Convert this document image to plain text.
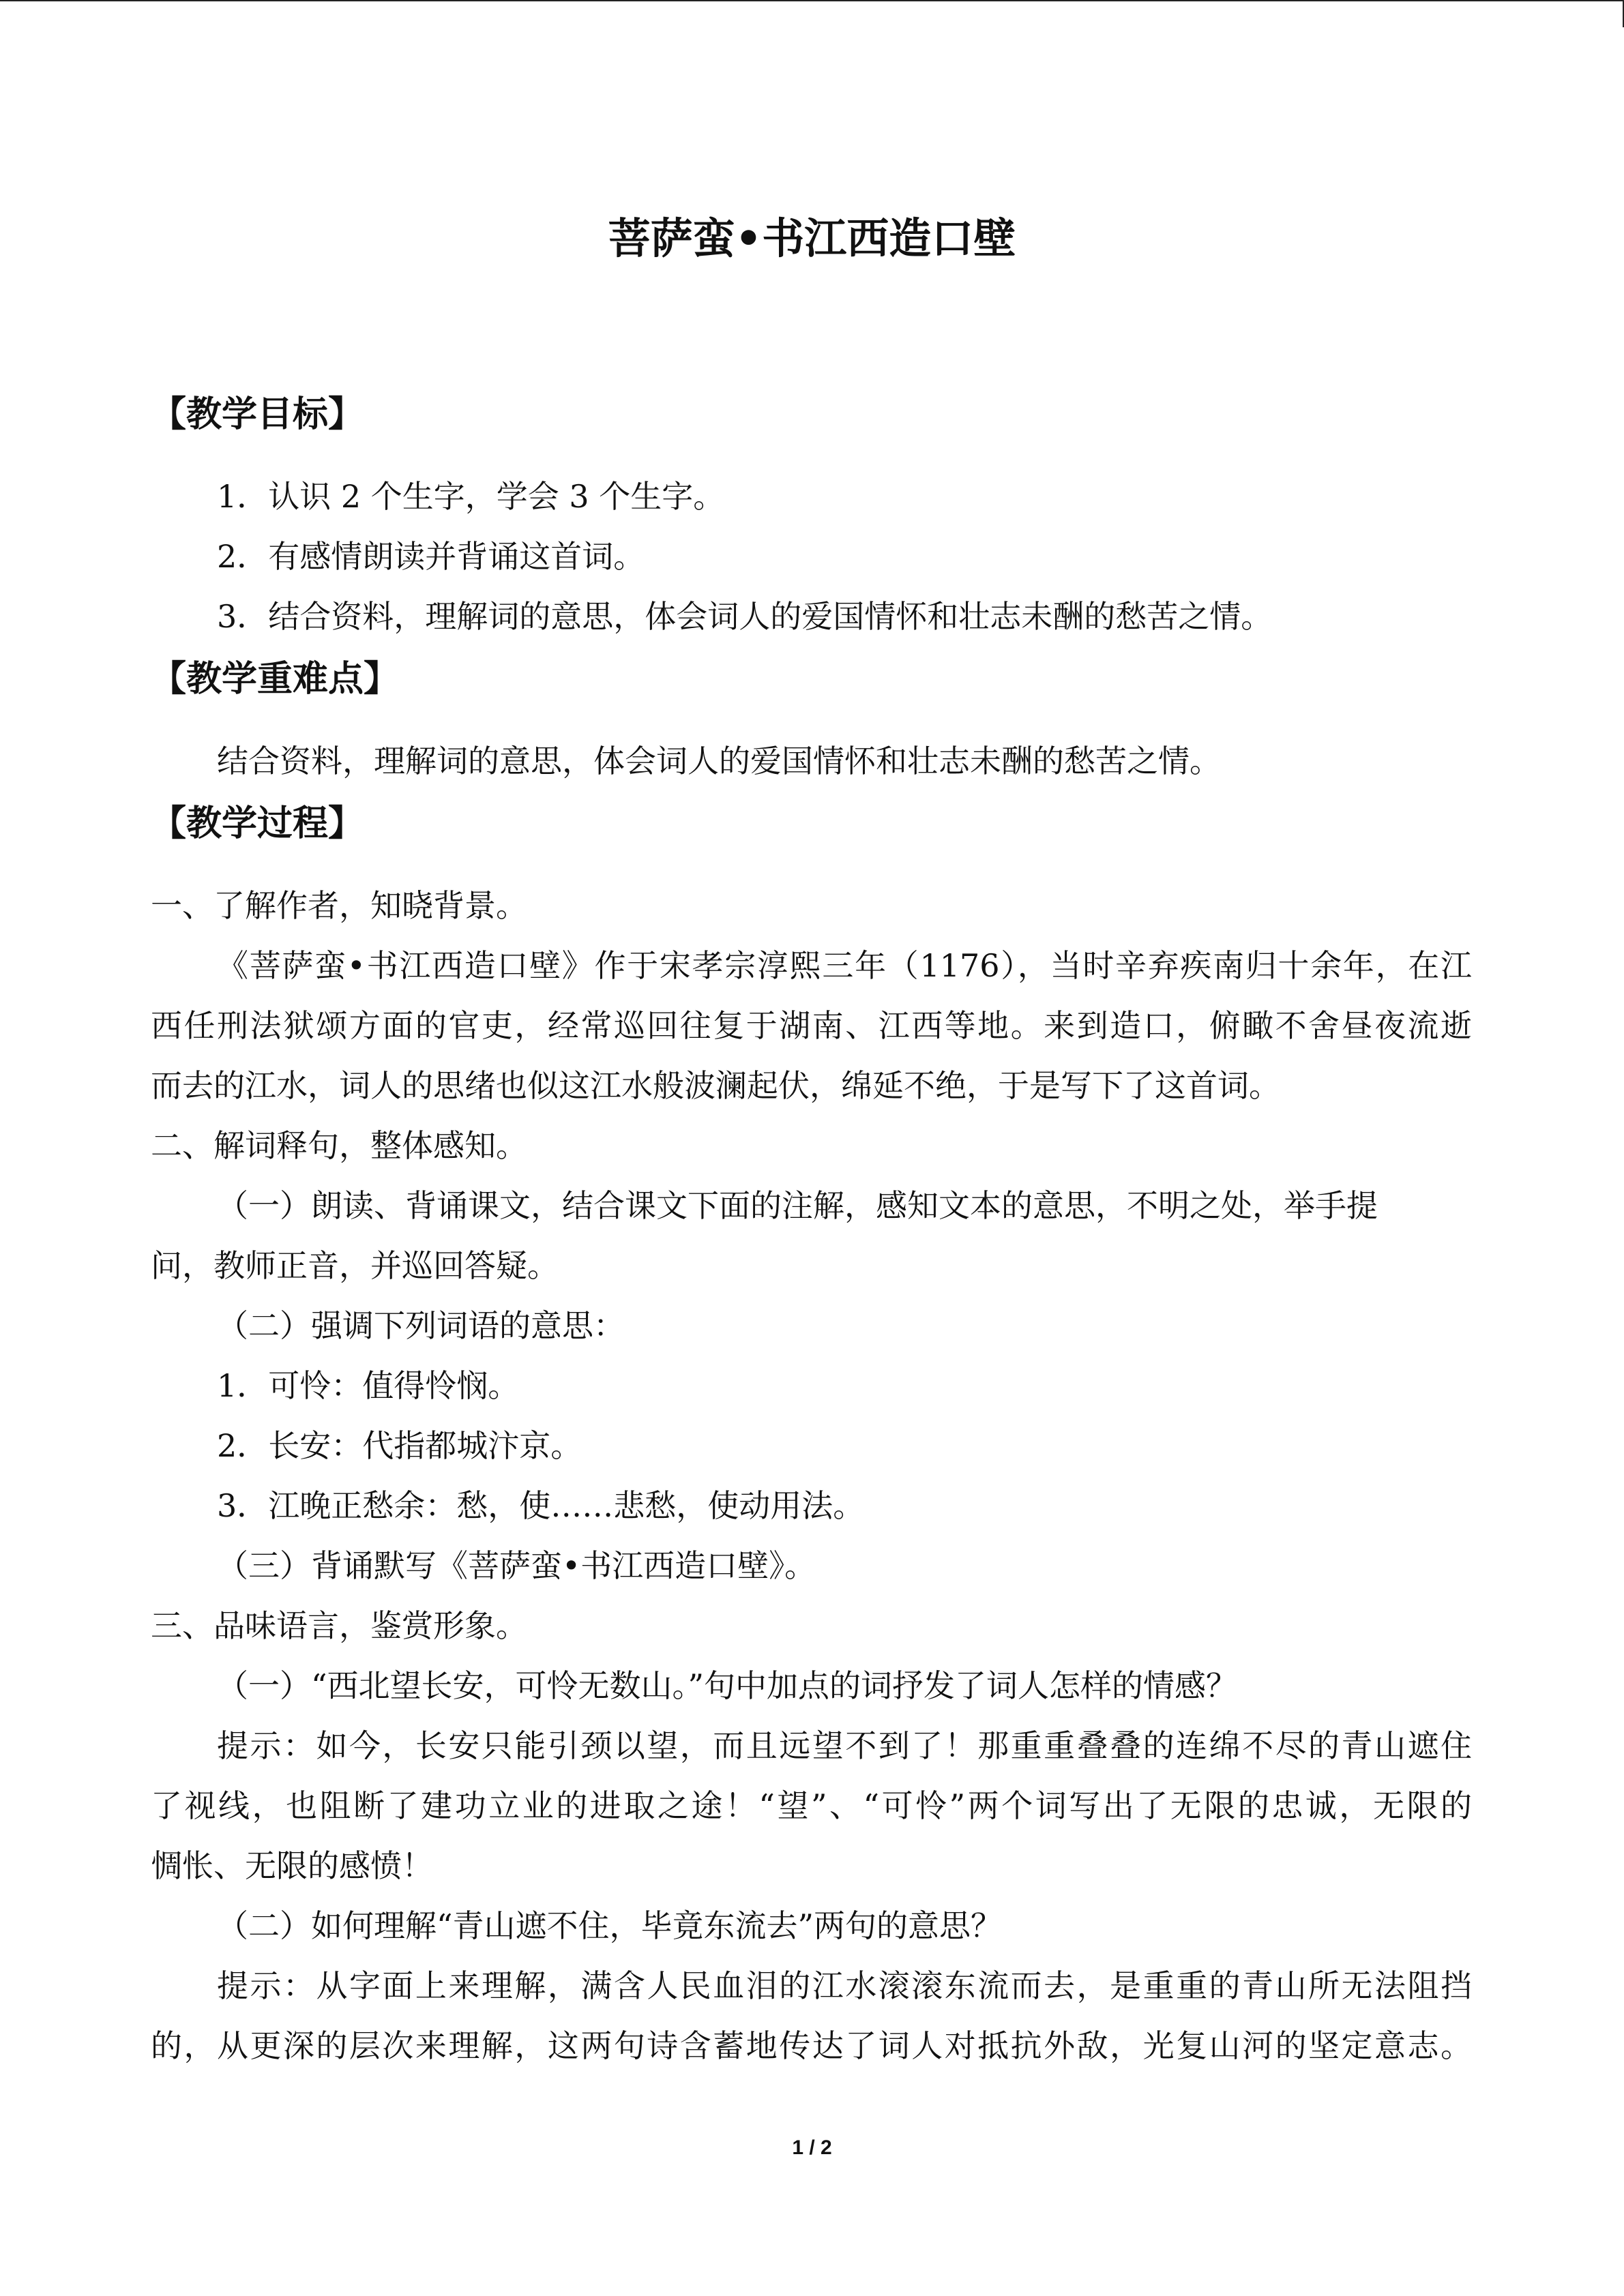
菩萨蛮•书江西造口壁
【教学目标】
1．认识 2 个生字，学会 3 个生字。
2．有感情朗读并背诵这首词。
3．结合资料，理解词的意思，体会词人的爱国情怀和壮志未酬的愁苦之情。
【教学重难点】
结合资料，理解词的意思，体会词人的爱国情怀和壮志未酬的愁苦之情。
【教学过程】
一、了解作者，知晓背景。
《菩萨蛮•书江西造口壁》作于宋孝宗淳熙三年（1176），当时辛弃疾南归十余年，在江
西任刑法狱颂方面的官吏，经常巡回往复于湖南、江西等地。来到造口，俯瞰不舍昼夜流逝
而去的江水，词人的思绪也似这江水般波澜起伏，绵延不绝，于是写下了这首词。
二、解词释句，整体感知。
（一）朗读、背诵课文，结合课文下面的注解，感知文本的意思，不明之处，举手提
问，教师正音，并巡回答疑。
（二）强调下列词语的意思：
1．可怜：值得怜悯。
2．长安：代指都城汴京。
3．江晚正愁余：愁，使……悲愁，使动用法。
（三）背诵默写《菩萨蛮•书江西造口壁》。
三、品味语言，鉴赏形象。
（一）“西北望长安，可怜无数山。”句中加点的词抒发了词人怎样的情感？
提示：如今，长安只能引颈以望，而且远望不到了！那重重叠叠的连绵不尽的青山遮住
了视线，也阻断了建功立业的进取之途！“望”、“可怜”两个词写出了无限的忠诚，无限的
惆怅、无限的感愤！
（二）如何理解“青山遮不住，毕竟东流去”两句的意思？
提示：从字面上来理解，满含人民血泪的江水滚滚东流而去，是重重的青山所无法阻挡
的，从更深的层次来理解，这两句诗含蓄地传达了词人对抵抗外敌，光复山河的坚定意志。
1 / 2
